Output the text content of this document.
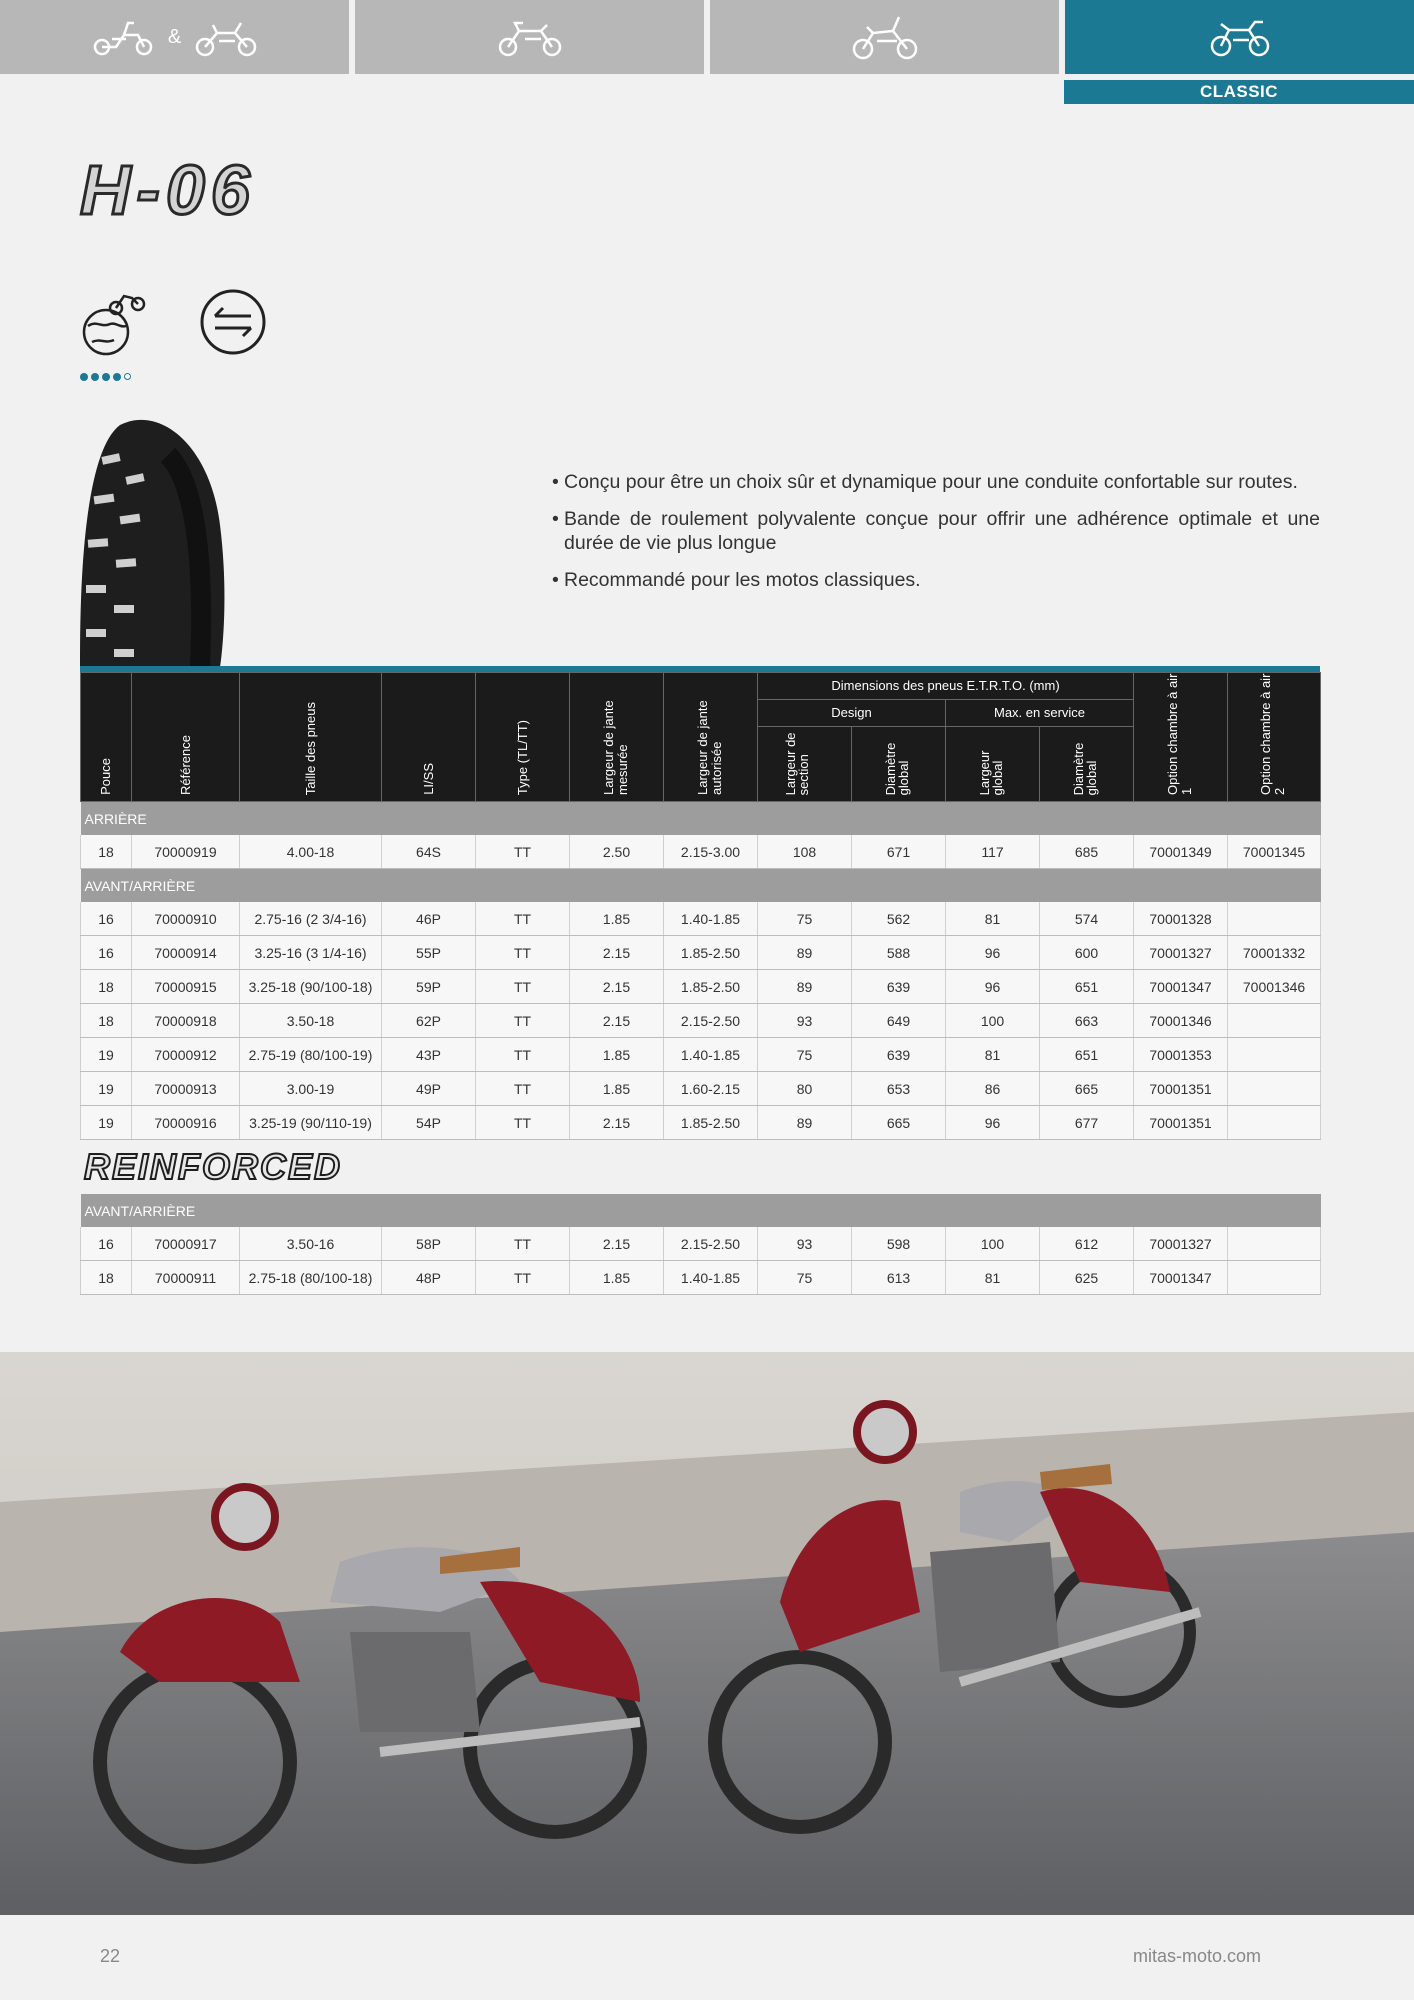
&
CLASSIC
H-06
• Conçu pour être un choix sûr et dynamique pour une conduite confortable sur routes.
• Bande de roulement polyvalente conçue pour offrir une adhérence optimale et une durée de vie plus longue
• Recommandé pour les motos classiques.
Pouce	Référence	Taille des pneus	LI/SS	Type (TL/TT)	Largeur de jante mesurée	Largeur de jante autorisée	Dimensions des pneus E.T.R.T.O. (mm)				Option chambre à air 1	Option chambre à air 2

							Design		Max. en service			

							Largeur de section	Diamètre global	Largeur global	Diamètre global		

ARRIÈRE												
18	70000919	4.00-18	64S	TT	2.50	2.15-3.00	108	671	117	685	70001349	70001345
AVANT/ARRIÈRE												
16	70000910	2.75-16 (2 3/4-16)	46P	TT	1.85	1.40-1.85	75	562	81	574	70001328	
16	70000914	3.25-16 (3 1/4-16)	55P	TT	2.15	1.85-2.50	89	588	96	600	70001327	70001332
18	70000915	3.25-18 (90/100-18)	59P	TT	2.15	1.85-2.50	89	639	96	651	70001347	70001346
18	70000918	3.50-18	62P	TT	2.15	2.15-2.50	93	649	100	663	70001346	
19	70000912	2.75-19 (80/100-19)	43P	TT	1.85	1.40-1.85	75	639	81	651	70001353	
19	70000913	3.00-19	49P	TT	1.85	1.60-2.15	80	653	86	665	70001351	
19	70000916	3.25-19 (90/110-19)	54P	TT	2.15	1.85-2.50	89	665	96	677	70001351	
REINFORCED
AVANT/ARRIÈRE												
16	70000917	3.50-16	58P	TT	2.15	2.15-2.50	93	598	100	612	70001327	
18	70000911	2.75-18 (80/100-18)	48P	TT	1.85	1.40-1.85	75	613	81	625	70001347	
22	mitas-moto.com
